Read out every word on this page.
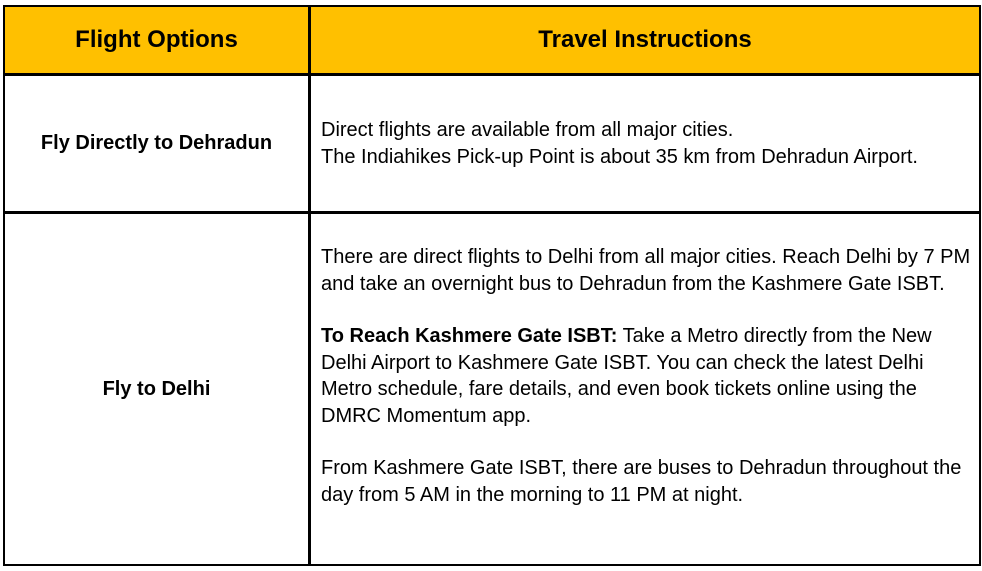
Flight Options	Travel Instructions
Fly Directly to Dehradun

Direct flights are available from all major cities.

The Indiahikes Pick-up Point is about 35 km from Dehradun Airport.

Fly to Delhi

There are direct flights to Delhi from all major cities. Reach Delhi by 7 PM and take an overnight bus to Dehradun from the Kashmere Gate ISBT.

To Reach Kashmere Gate ISBT: Take a Metro directly from the New Delhi Airport to Kashmere Gate ISBT. You can check the latest Delhi Metro schedule, fare details, and even book tickets online using the DMRC Momentum app.

From Kashmere Gate ISBT, there are buses to Dehradun throughout the day from 5 AM in the morning to 11 PM at night.
